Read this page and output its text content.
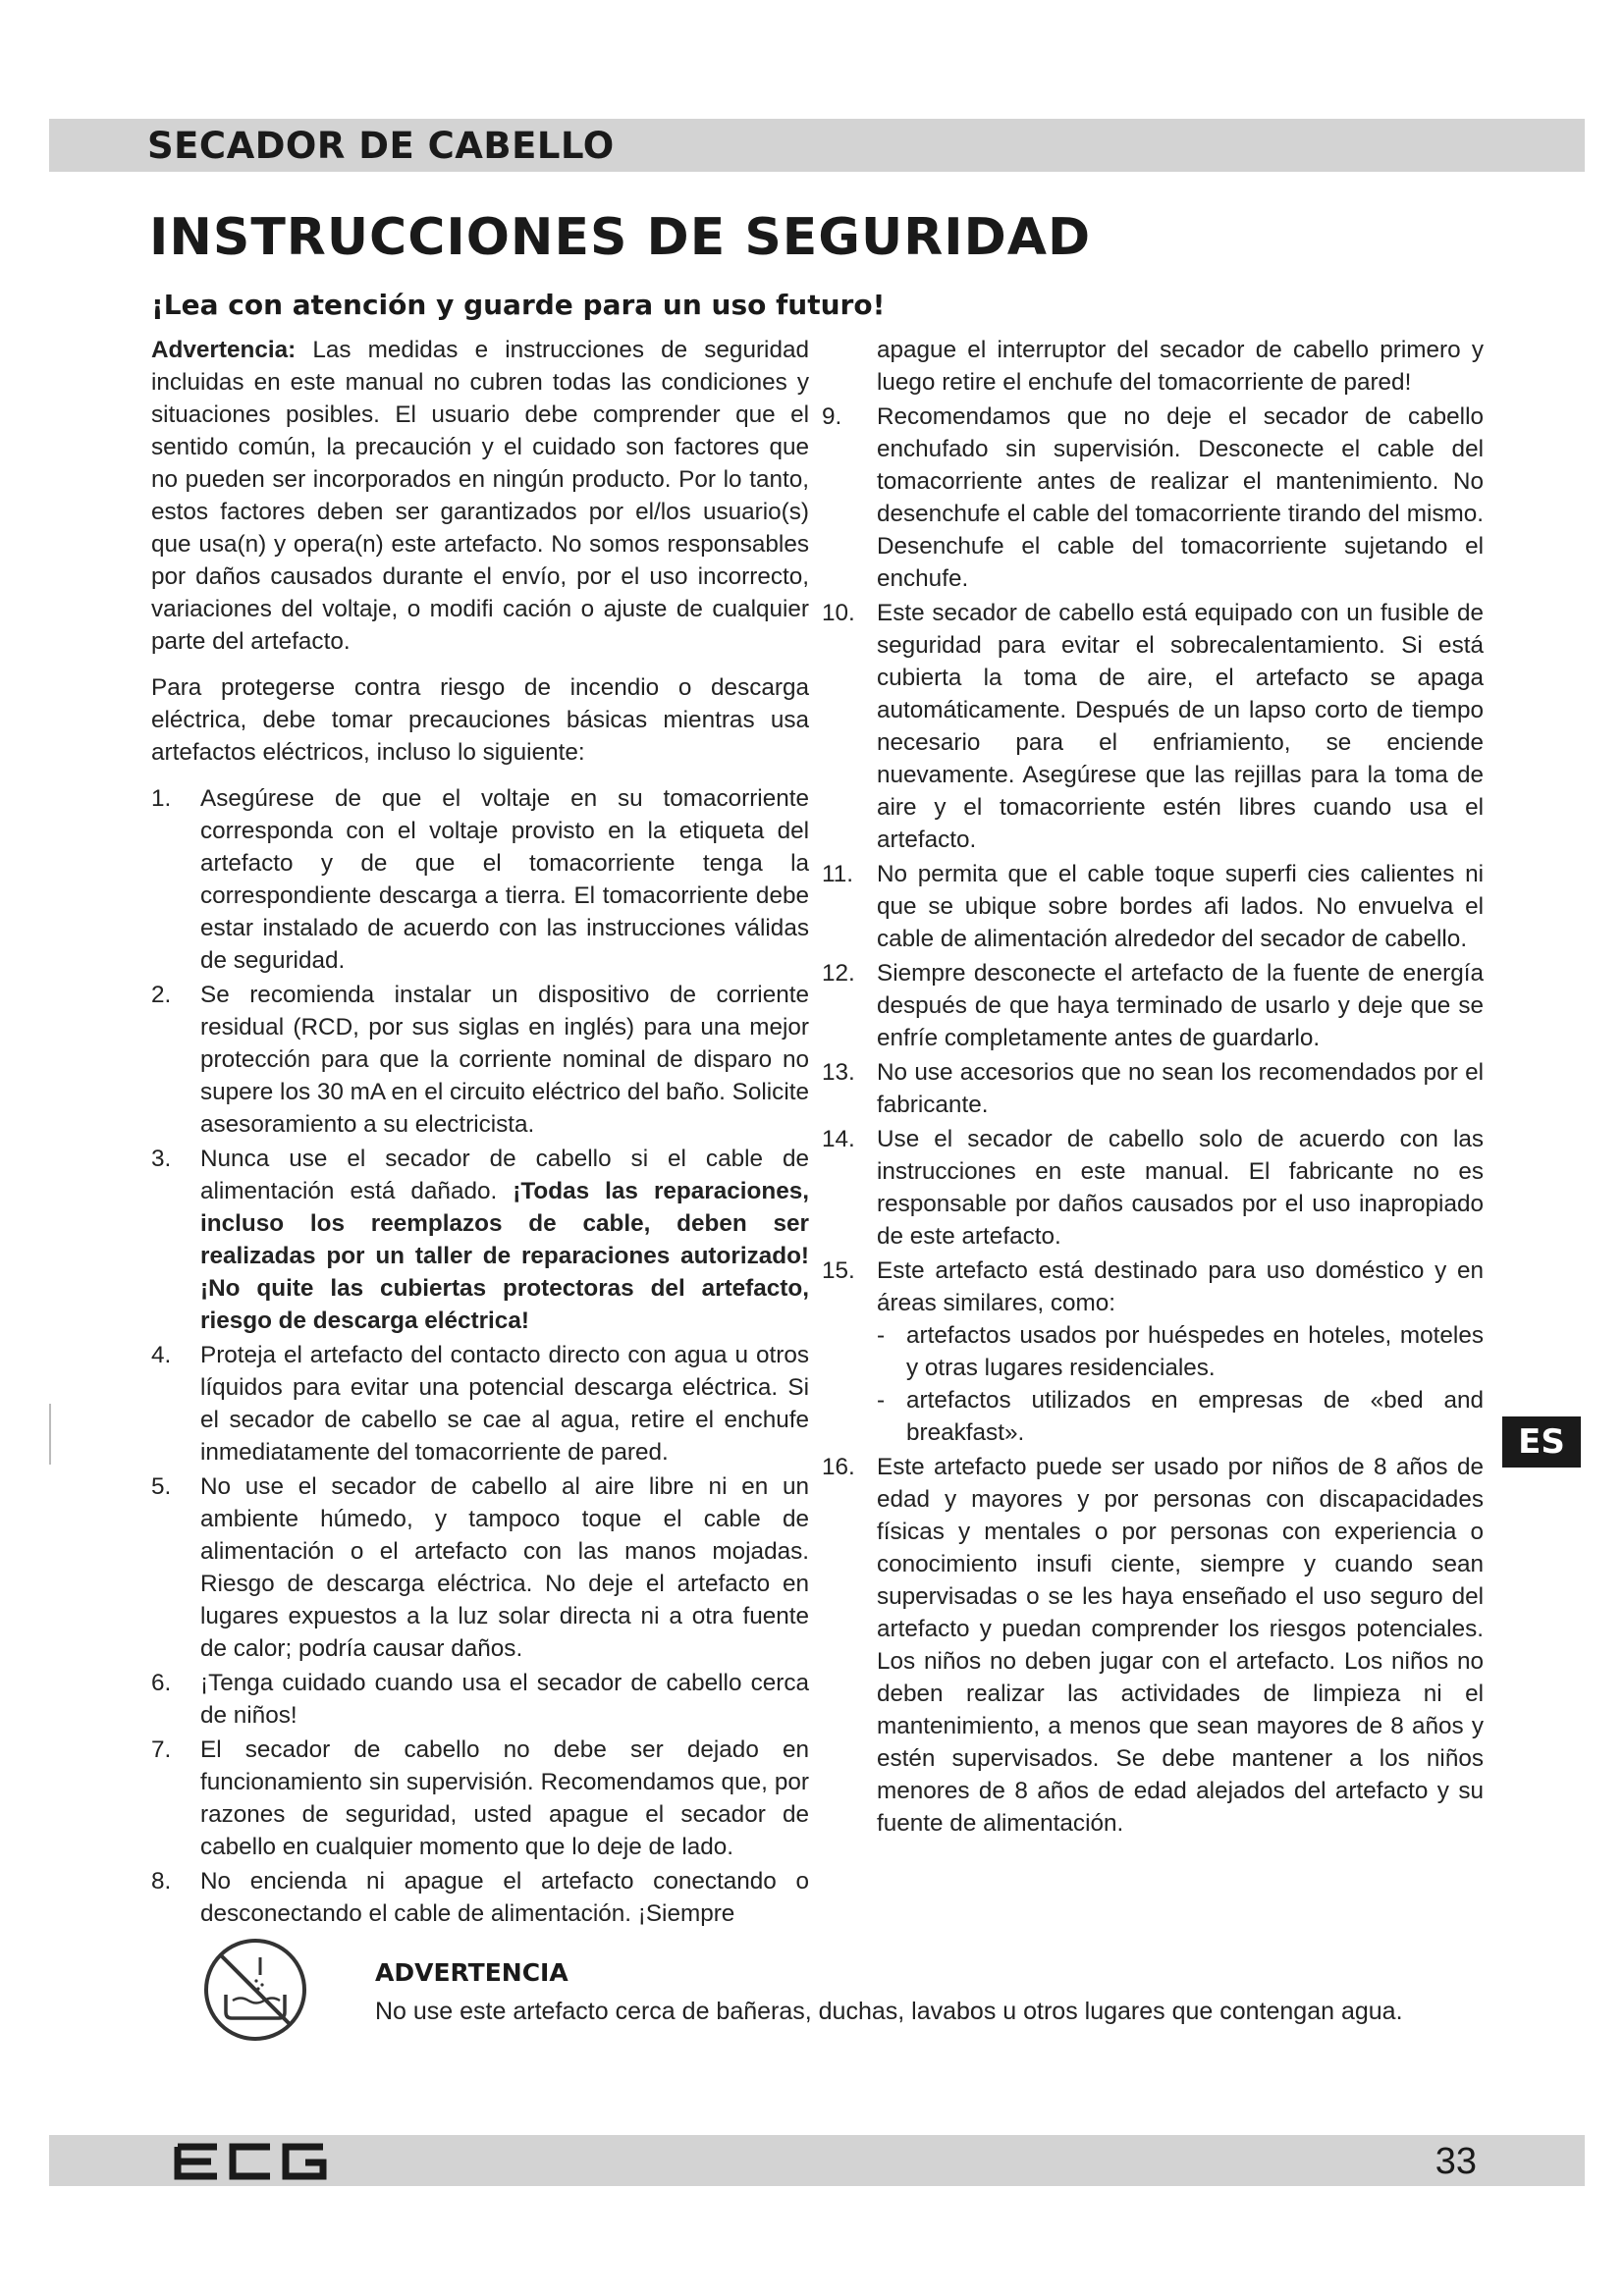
SECADOR DE CABELLO
INSTRUCCIONES DE SEGURIDAD
¡Lea con atención y guarde para un uso futuro!

Advertencia: Las medidas e instrucciones de seguridad incluidas en este manual no cubren todas las condiciones y situaciones posibles. El usuario debe comprender que el sentido común, la precaución y el cuidado son factores que no pueden ser incorporados en ningún producto. Por lo tanto, estos factores deben ser garantizados por el/los usuario(s) que usa(n) y opera(n) este artefacto. No somos responsables por daños causados durante el envío, por el uso incorrecto, variaciones del voltaje, o modifi cación o ajuste de cualquier parte del artefacto.

Para protegerse contra riesgo de incendio o descarga eléctrica, debe tomar precauciones básicas mientras usa artefactos eléctricos, incluso lo siguiente:

1. Asegúrese de que el voltaje en su tomacorriente corresponda con el voltaje provisto en la etiqueta del artefacto y de que el tomacorriente tenga la correspondiente descarga a tierra. El tomacorriente debe estar instalado de acuerdo con las instrucciones válidas de seguridad.
2. Se recomienda instalar un dispositivo de corriente residual (RCD, por sus siglas en inglés) para una mejor protección para que la corriente nominal de disparo no supere los 30 mA en el circuito eléctrico del baño. Solicite asesoramiento a su electricista.
3. Nunca use el secador de cabello si el cable de alimentación está dañado. ¡Todas las reparaciones, incluso los reemplazos de cable, deben ser realizadas por un taller de reparaciones autorizado! ¡No quite las cubiertas protectoras del artefacto, riesgo de descarga eléctrica!
4. Proteja el artefacto del contacto directo con agua u otros líquidos para evitar una potencial descarga eléctrica. Si el secador de cabello se cae al agua, retire el enchufe inmediatamente del tomacorriente de pared.
5. No use el secador de cabello al aire libre ni en un ambiente húmedo, y tampoco toque el cable de alimentación o el artefacto con las manos mojadas. Riesgo de descarga eléctrica. No deje el artefacto en lugares expuestos a la luz solar directa ni a otra fuente de calor; podría causar daños.
6. ¡Tenga cuidado cuando usa el secador de cabello cerca de niños!
7. El secador de cabello no debe ser dejado en funcionamiento sin supervisión. Recomendamos que, por razones de seguridad, usted apague el secador de cabello en cualquier momento que lo deje de lado.
8. No encienda ni apague el artefacto conectando o desconectando el cable de alimentación. ¡Siempre
apague el interruptor del secador de cabello primero y luego retire el enchufe del tomacorriente de pared!
9. Recomendamos que no deje el secador de cabello enchufado sin supervisión. Desconecte el cable del tomacorriente antes de realizar el mantenimiento. No desenchufe el cable del tomacorriente tirando del mismo. Desenchufe el cable del tomacorriente sujetando el enchufe.
10. Este secador de cabello está equipado con un fusible de seguridad para evitar el sobrecalentamiento. Si está cubierta la toma de aire, el artefacto se apaga automáticamente. Después de un lapso corto de tiempo necesario para el enfriamiento, se enciende nuevamente. Asegúrese que las rejillas para la toma de aire y el tomacorriente estén libres cuando usa el artefacto.
11. No permita que el cable toque superfi cies calientes ni que se ubique sobre bordes afi lados. No envuelva el cable de alimentación alrededor del secador de cabello.
12. Siempre desconecte el artefacto de la fuente de energía después de que haya terminado de usarlo y deje que se enfríe completamente antes de guardarlo.
13. No use accesorios que no sean los recomendados por el fabricante.
14. Use el secador de cabello solo de acuerdo con las instrucciones en este manual. El fabricante no es responsable por daños causados por el uso inapropiado de este artefacto.
15. Este artefacto está destinado para uso doméstico y en áreas similares, como:
- artefactos usados por huéspedes en hoteles, moteles y otras lugares residenciales.
- artefactos utilizados en empresas de «bed and breakfast».
16. Este artefacto puede ser usado por niños de 8 años de edad y mayores y por personas con discapacidades físicas y mentales o por personas con experiencia o conocimiento insufi ciente, siempre y cuando sean supervisadas o se les haya enseñado el uso seguro del artefacto y puedan comprender los riesgos potenciales. Los niños no deben jugar con el artefacto. Los niños no deben realizar las actividades de limpieza ni el mantenimiento, a menos que sean mayores de 8 años y estén supervisados. Se debe mantener a los niños menores de 8 años de edad alejados del artefacto y su fuente de alimentación.
ES
ADVERTENCIA
No use este artefacto cerca de bañeras, duchas, lavabos u otros lugares que contengan agua.
33
